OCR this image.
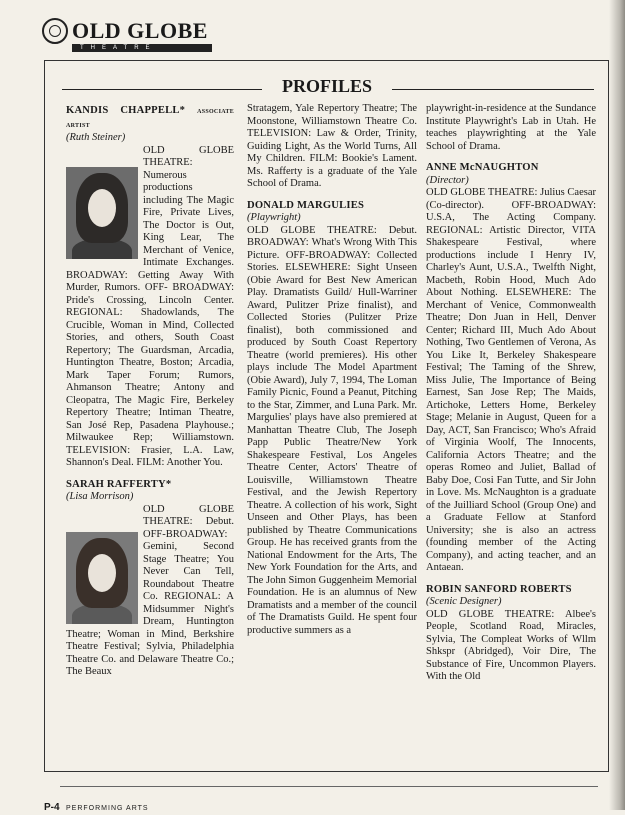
OLD GLOBE
THEATRE
PROFILES

KANDIS CHAPPELL* ASSOCIATE ARTIST

(Ruth Steiner)

OLD GLOBE THEATRE: Numerous productions including The Magic Fire, Private Lives, The Doctor is Out, King Lear, The Merchant of Venice, Intimate Exchanges. BROADWAY: Getting Away With Murder, Rumors. OFF- BROADWAY: Pride's Crossing, Lincoln Center. REGIONAL: Shadowlands, The Crucible, Woman in Mind, Collected Stories, and others, South Coast Repertory; The Guardsman, Arcadia, Huntington Theatre, Boston; Arcadia, Mark Taper Forum; Rumors, Ahmanson Theatre; Antony and Cleopatra, The Magic Fire, Berkeley Repertory Theatre; Intiman Theatre, San José Rep, Pasadena Playhouse.; Milwaukee Rep; Williamstown. TELEVISION: Frasier, L.A. Law, Shannon's Deal. FILM: Another You.

SARAH RAFFERTY*

(Lisa Morrison)

OLD GLOBE THEATRE: Debut. OFF-BROADWAY: Gemini, Second Stage Theatre; You Never Can Tell, Roundabout Theatre Co. REGIONAL: A Midsummer Night's Dream, Huntington Theatre; Woman in Mind, Berkshire Theatre Festival; Sylvia, Philadelphia Theatre Co. and Delaware Theatre Co.; The Beaux

Stratagem, Yale Repertory Theatre; The Moonstone, Williamstown Theatre Co. TELEVISION: Law & Order, Trinity, Guiding Light, As the World Turns, All My Children. FILM: Bookie's Lament. Ms. Rafferty is a graduate of the Yale School of Drama.

DONALD MARGULIES

(Playwright)

OLD GLOBE THEATRE: Debut. BROADWAY: What's Wrong With This Picture. OFF-BROADWAY: Collected Stories. ELSEWHERE: Sight Unseen (Obie Award for Best New American Play. Dramatists Guild/ Hull-Warriner Award, Pulitzer Prize finalist), and Collected Stories (Pulitzer Prize finalist), both commissioned and produced by South Coast Repertory Theatre (world premieres). His other plays include The Model Apartment (Obie Award), July 7, 1994, The Loman Family Picnic, Found a Peanut, Pitching to the Star, Zimmer, and Luna Park. Mr. Margulies' plays have also premiered at Manhattan Theatre Club, The Joseph Papp Public Theatre/New York Shakespeare Festival, Los Angeles Theatre Center, Actors' Theatre of Louisville, Williamstown Theatre Festival, and the Jewish Repertory Theatre. A collection of his work, Sight Unseen and Other Plays, has been published by Theatre Communications Group. He has received grants from the National Endowment for the Arts, The New York Foundation for the Arts, and The John Simon Guggenheim Memorial Foundation. He is an alumnus of New Dramatists and a member of the council of The Dramatists Guild. He spent four productive summers as a

playwright-in-residence at the Sundance Institute Playwright's Lab in Utah. He teaches playwrighting at the Yale School of Drama.

ANNE McNAUGHTON

(Director)

OLD GLOBE THEATRE: Julius Caesar (Co-director). OFF-BROADWAY: U.S.A, The Acting Company. REGIONAL: Artistic Director, VITA Shakespeare Festival, where productions include I Henry IV, Charley's Aunt, U.S.A., Twelfth Night, Macbeth, Robin Hood, Much Ado About Nothing. ELSEWHERE: The Merchant of Venice, Commonwealth Theatre; Don Juan in Hell, Denver Center; Richard III, Much Ado About Nothing, Two Gentlemen of Verona, As You Like It, Berkeley Shakespeare Festival; The Taming of the Shrew, Miss Julie, The Importance of Being Earnest, San Jose Rep; The Maids, Artichoke, Letters Home, Berkeley Stage; Melanie in August, Queen for a Day, ACT, San Francisco; Who's Afraid of Virginia Woolf, The Innocents, California Actors Theatre; and the operas Romeo and Juliet, Ballad of Baby Doe, Cosi Fan Tutte, and Sir John in Love. Ms. McNaughton is a graduate of the Juilliard School (Group One) and a Graduate Fellow at Stanford University; she is also an actress (founding member of the Acting Company), and acting teacher, and an Antaean.

ROBIN SANFORD ROBERTS

(Scenic Designer)

OLD GLOBE THEATRE: Albee's People, Scotland Road, Miracles, Sylvia, The Compleat Works of Wllm Shkspr (Abridged), Voir Dire, The Substance of Fire, Uncommon Players. With the Old

P-4 PERFORMING ARTS
